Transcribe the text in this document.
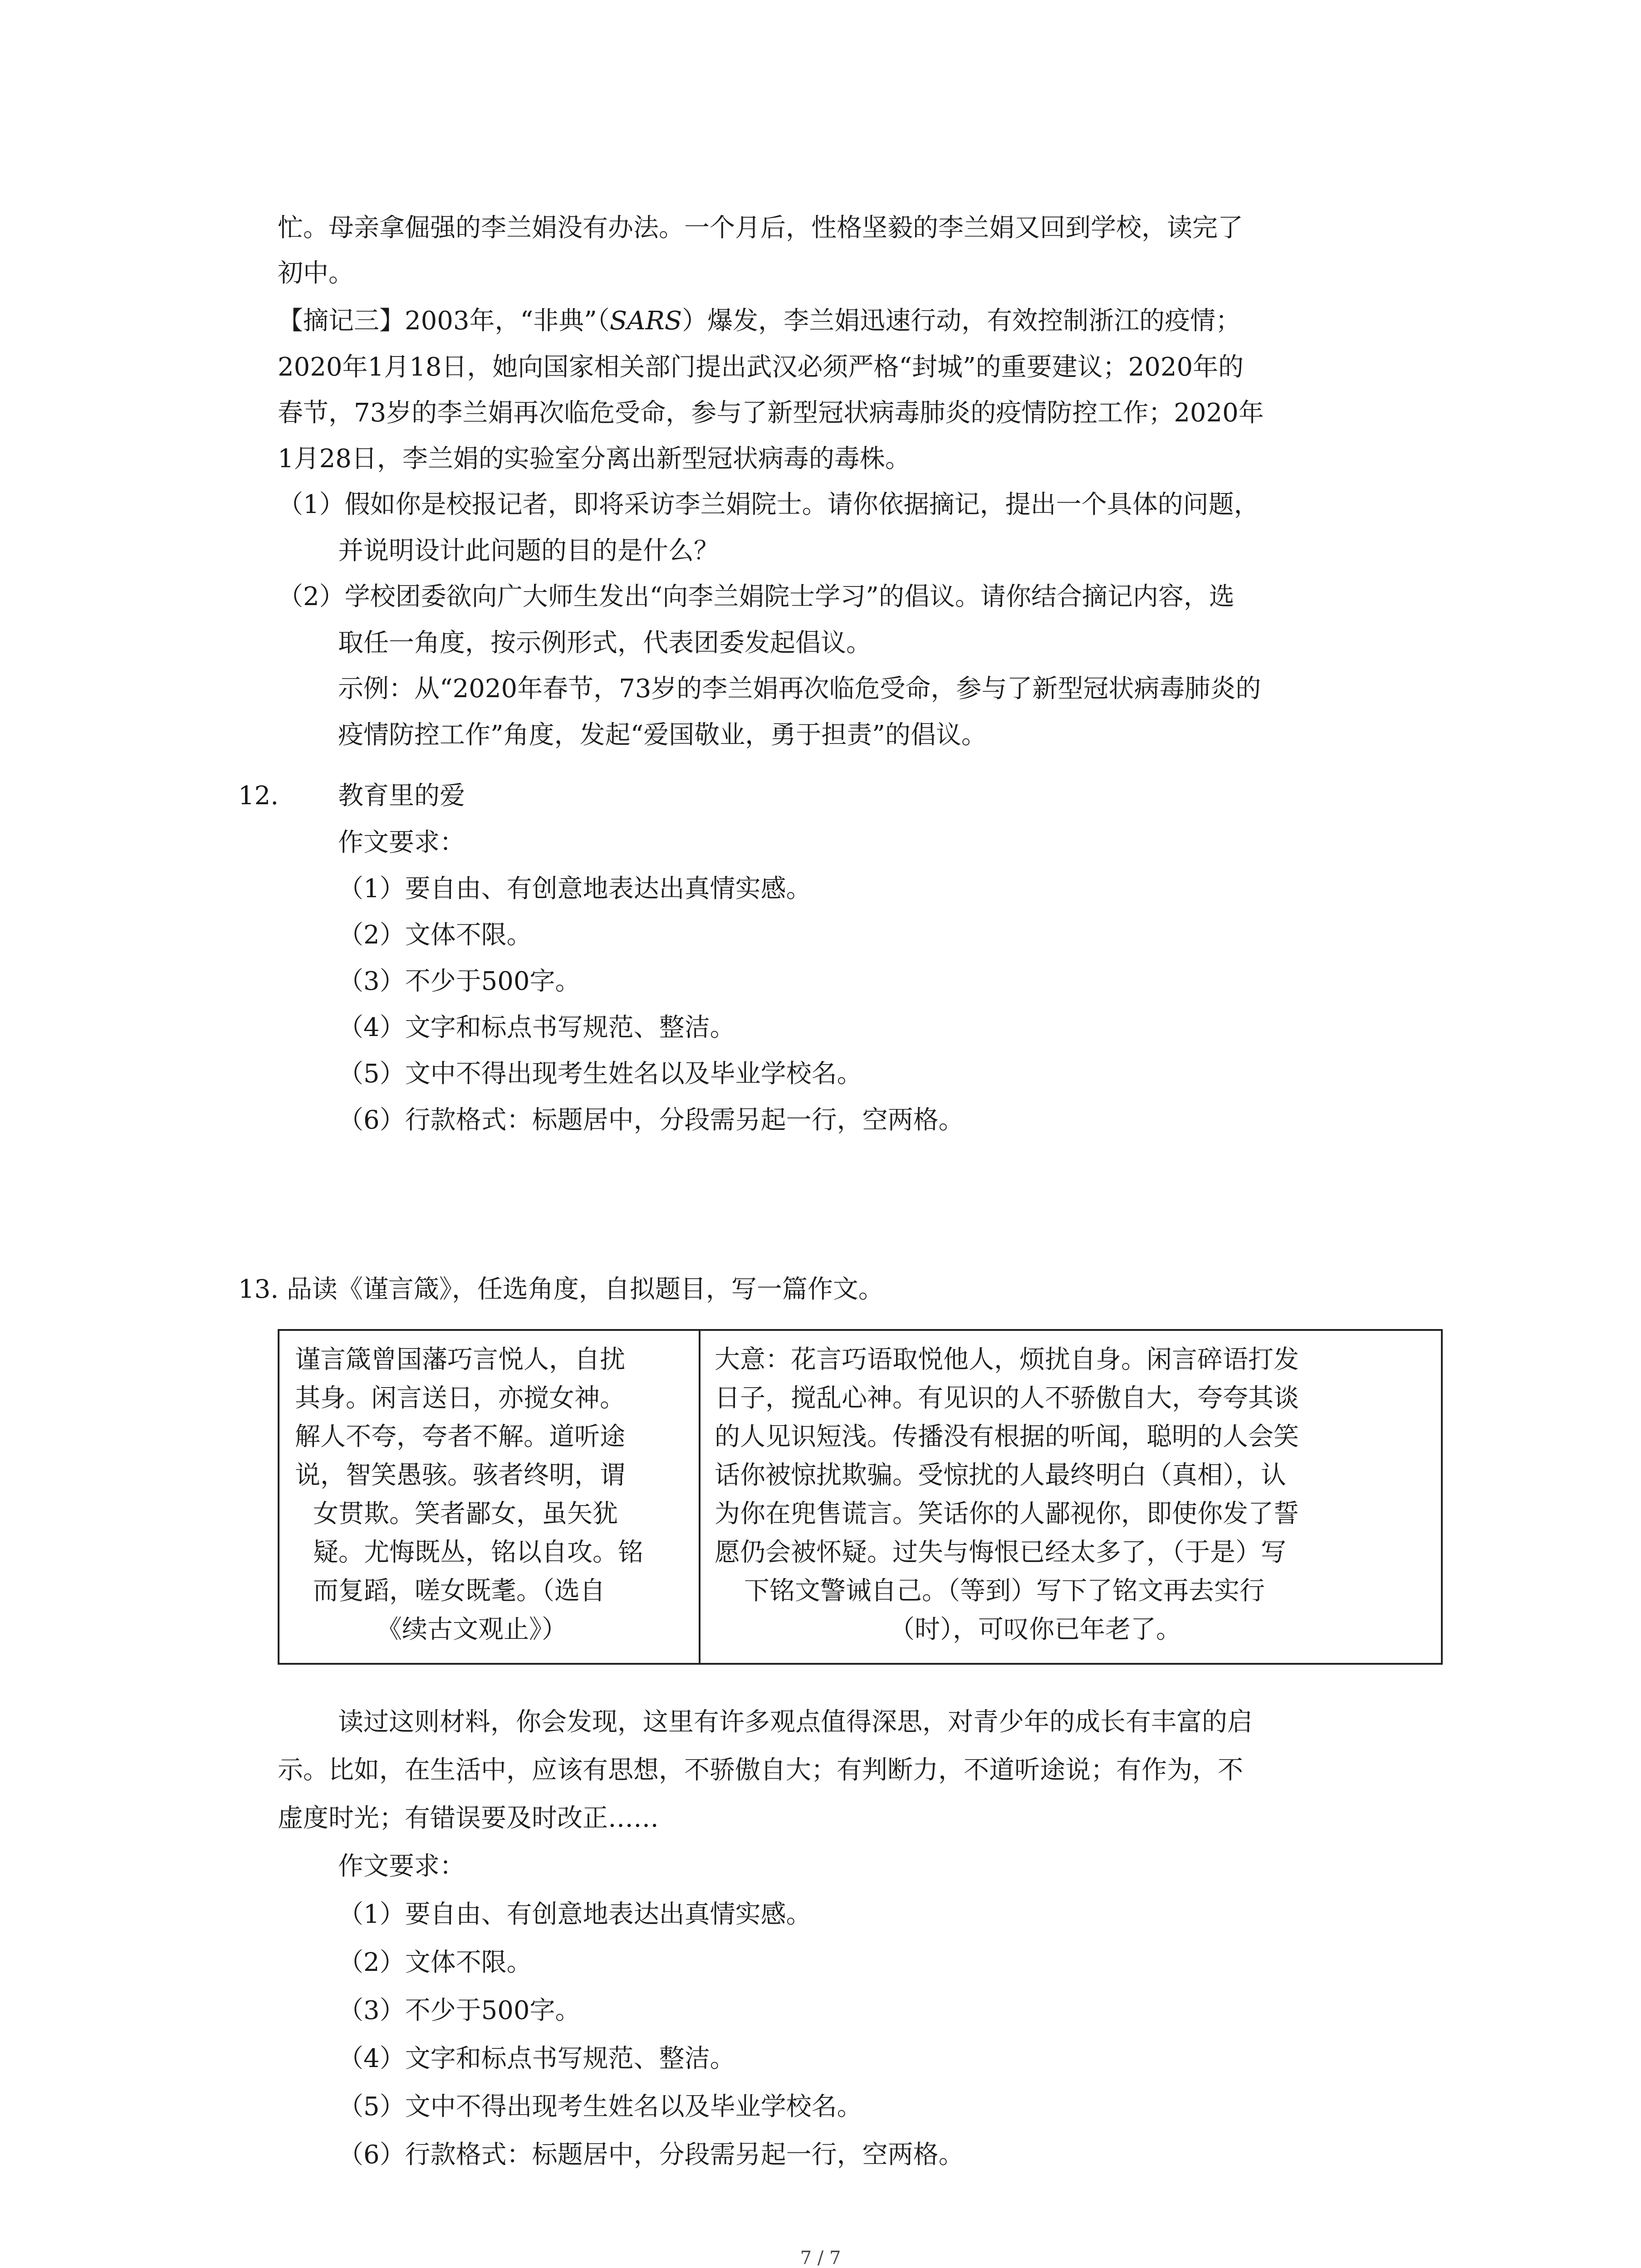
忙。母亲拿倔强的李兰娟没有办法。一个月后，性格坚毅的李兰娟又回到学校，读完了
初中。
【摘记三】2003年，“非典”（SARS）爆发，李兰娟迅速行动，有效控制浙江的疫情；
2020年1月18日，她向国家相关部门提出武汉必须严格“封城”的重要建议；2020年的
春节，73岁的李兰娟再次临危受命，参与了新型冠状病毒肺炎的疫情防控工作；2020年
1月28日，李兰娟的实验室分离出新型冠状病毒的毒株。
（1）假如你是校报记者，即将采访李兰娟院士。请你依据摘记，提出一个具体的问题，
并说明设计此问题的目的是什么？
（2）学校团委欲向广大师生发出“向李兰娟院士学习”的倡议。请你结合摘记内容，选
取任一角度，按示例形式，代表团委发起倡议。
示例：从“2020年春节，73岁的李兰娟再次临危受命，参与了新型冠状病毒肺炎的
疫情防控工作”角度，发起“爱国敬业，勇于担责”的倡议。
12. 教育里的爱
作文要求：
（1）要自由、有创意地表达出真情实感。
（2）文体不限。
（3）不少于500字。
（4）文字和标点书写规范、整洁。
（5）文中不得出现考生姓名以及毕业学校名。
（6）行款格式：标题居中，分段需另起一行，空两格。
13. 品读《谨言箴》，任选角度，自拟题目，写一篇作文。
谨言箴曾国藩巧言悦人，自扰
其身。闲言送日，亦搅女神。
解人不夸，夸者不解。道听途
说，智笑愚骇。骇者终明，谓
女贯欺。笑者鄙女，虽矢犹
疑。尤悔既丛，铭以自攻。铭
而复蹈，嗟女既耄。（选自
《续古文观止》）
大意：花言巧语取悦他人，烦扰自身。闲言碎语打发
日子，搅乱心神。有见识的人不骄傲自大，夸夸其谈
的人见识短浅。传播没有根据的听闻，聪明的人会笑
话你被惊扰欺骗。受惊扰的人最终明白（真相），认
为你在兜售谎言。笑话你的人鄙视你，即使你发了誓
愿仍会被怀疑。过失与悔恨已经太多了，（于是）写
下铭文警诫自己。（等到）写下了铭文再去实行
（时），可叹你已年老了。
读过这则材料，你会发现，这里有许多观点值得深思，对青少年的成长有丰富的启
示。比如，在生活中，应该有思想，不骄傲自大；有判断力，不道听途说；有作为，不
虚度时光；有错误要及时改正……
作文要求：
（1）要自由、有创意地表达出真情实感。
（2）文体不限。
（3）不少于500字。
（4）文字和标点书写规范、整洁。
（5）文中不得出现考生姓名以及毕业学校名。
（6）行款格式：标题居中，分段需另起一行，空两格。
7 / 7
